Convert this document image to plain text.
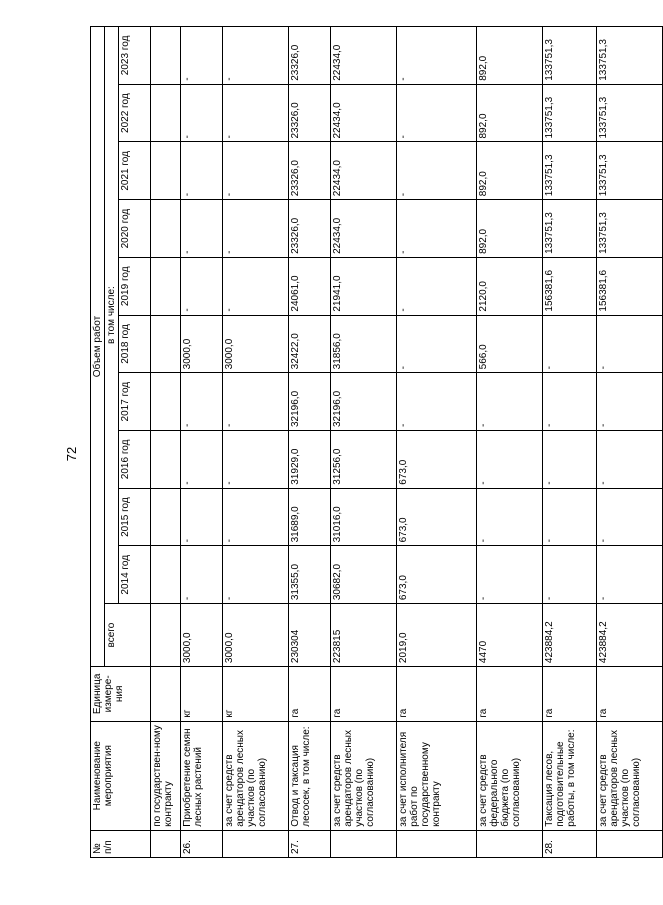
72
№ п/п	Наименование мероприятия	Единица измере-ния	Объем работ										
			всего	в том числе:									
				2014 год	2015 год	2016 год	2017 год	2018 год	2019 год	2020 год	2021 год	2022 год	2023 год
	по государствен-ному контракту												
26.	Приобретение семян лесных растений	кг	3000,0	-	-	-	-	3000,0	-	-	-	-	-
	за счет средств арендаторов лесных участков (по согласованию)	кг	3000,0	-	-	-	-	3000,0	-	-	-	-	-
27.	Отвод и таксация лесосек, в том числе:	га	230304	31355,0	31689,0	31929,0	32196,0	32422,0	24061,0	23326,0	23326,0	23326,0	23326,0
	за счет средств арендаторов лесных участков (по согласованию)	га	223815	30682,0	31016,0	31256,0	32196,0	31856,0	21941,0	22434,0	22434,0	22434,0	22434,0
	за счет исполнителя работ по государственному контракту	га	2019,0	673,0	673,0	673,0	-	-	-	-	-	-	-
	за счет средств федерального бюджета (по согласованию)	га	4470	-	-	-	-	566,0	2120,0	892,0	892,0	892,0	892,0
28.	Таксация лесов, подготовительные работы, в том числе:	га	423884,2	-	-	-	-	-	156381,6	133751,3	133751,3	133751,3	133751,3
	за счет средств арендаторов лесных участков (по согласованию)	га	423884,2	-	-	-	-	-	156381,6	133751,3	133751,3	133751,3	133751,3
